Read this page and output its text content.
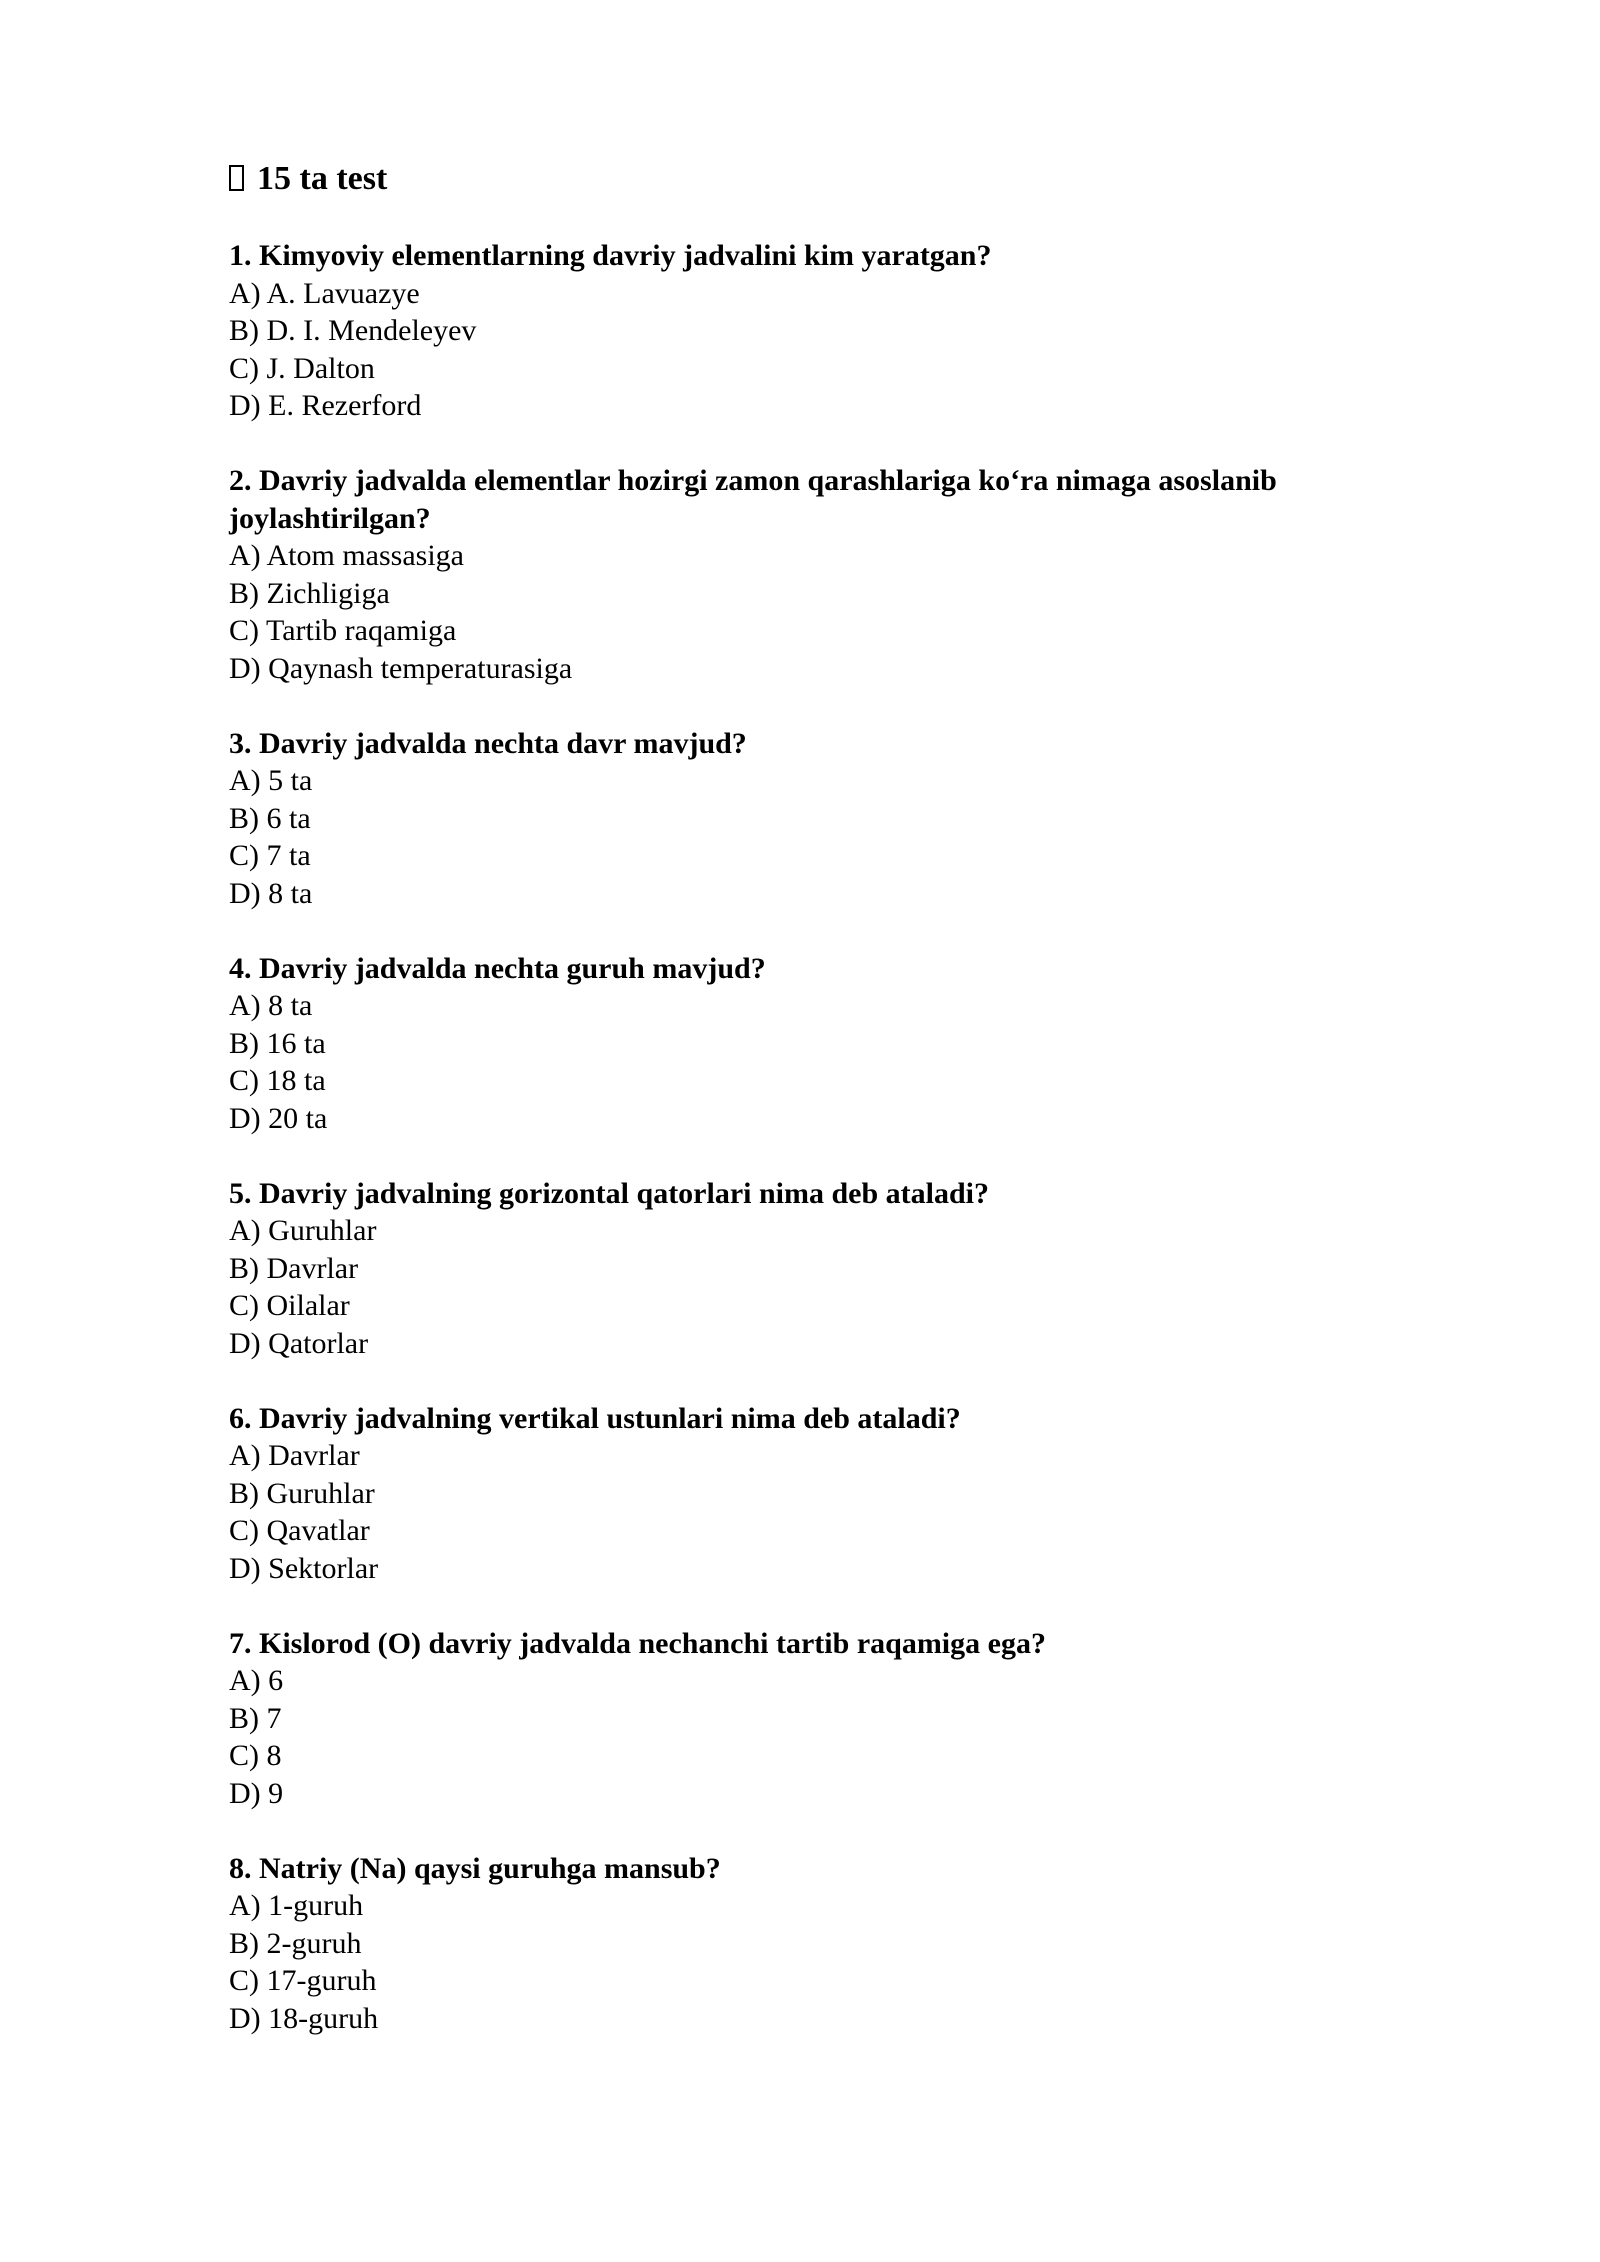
15 ta test

1. Kimyoviy elementlarning davriy jadvalini kim yaratgan?

A) A. Lavuazye

B) D. I. Mendeleyev

C) J. Dalton

D) E. Rezerford

2. Davriy jadvalda elementlar hozirgi zamon qarashlariga ko‘ra nimaga asoslanib joylashtirilgan?

A) Atom massasiga

B) Zichligiga

C) Tartib raqamiga

D) Qaynash temperaturasiga

3. Davriy jadvalda nechta davr mavjud?

A) 5 ta

B) 6 ta

C) 7 ta

D) 8 ta

4. Davriy jadvalda nechta guruh mavjud?

A) 8 ta

B) 16 ta

C) 18 ta

D) 20 ta

5. Davriy jadvalning gorizontal qatorlari nima deb ataladi?

A) Guruhlar

B) Davrlar

C) Oilalar

D) Qatorlar

6. Davriy jadvalning vertikal ustunlari nima deb ataladi?

A) Davrlar

B) Guruhlar

C) Qavatlar

D) Sektorlar

7. Kislorod (O) davriy jadvalda nechanchi tartib raqamiga ega?

A) 6

B) 7

C) 8

D) 9

8. Natriy (Na) qaysi guruhga mansub?

A) 1-guruh

B) 2-guruh

C) 17-guruh

D) 18-guruh
